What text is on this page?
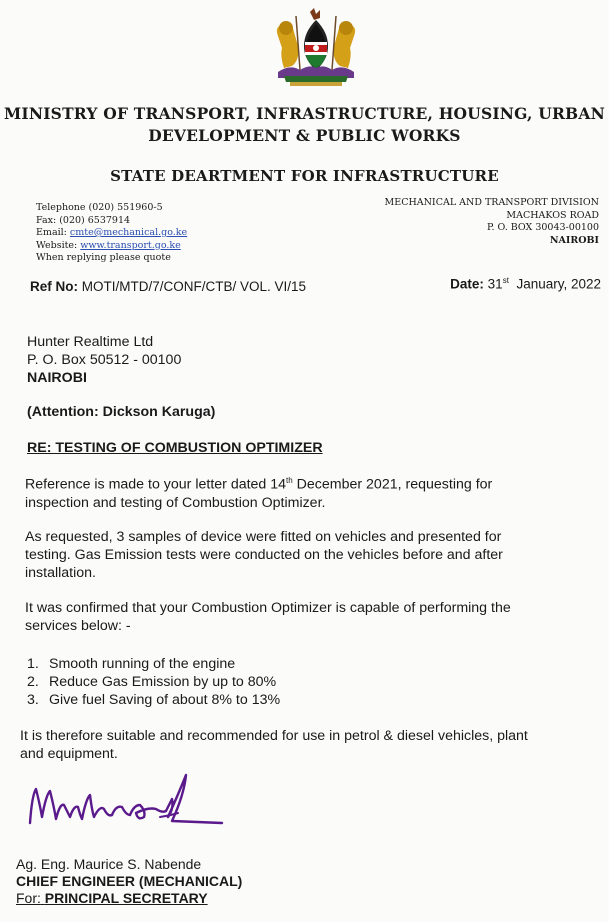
MINISTRY OF TRANSPORT, INFRASTRUCTURE, HOUSING, URBAN
DEVELOPMENT & PUBLIC WORKS
STATE DEARTMENT FOR INFRASTRUCTURE
Telephone (020) 551960-5
Fax: (020) 6537914
Email: cmte@mechanical.go.ke
Website: www.transport.go.ke
When replying please quote
MECHANICAL AND TRANSPORT DIVISION
MACHAKOS ROAD
P. O. BOX 30043-00100
NAIROBI
Ref No: MOTI/MTD/7/CONF/CTB/ VOL. VI/15	Date: 31st January, 2022
Hunter Realtime Ltd
P. O. Box 50512 - 00100
NAIROBI
(Attention: Dickson Karuga)
RE: TESTING OF COMBUSTION OPTIMIZER
Reference is made to your letter dated 14th December 2021, requesting for
inspection and testing of Combustion Optimizer.
As requested, 3 samples of device were fitted on vehicles and presented for
testing. Gas Emission tests were conducted on the vehicles before and after
installation.
It was confirmed that your Combustion Optimizer is capable of performing the
services below: -
1. Smooth running of the engine
2. Reduce Gas Emission by up to 80%
3. Give fuel Saving of about 8% to 13%
It is therefore suitable and recommended for use in petrol & diesel vehicles, plant
and equipment.
Ag. Eng. Maurice S. Nabende
CHIEF ENGINEER (MECHANICAL)
For: PRINCIPAL SECRETARY
